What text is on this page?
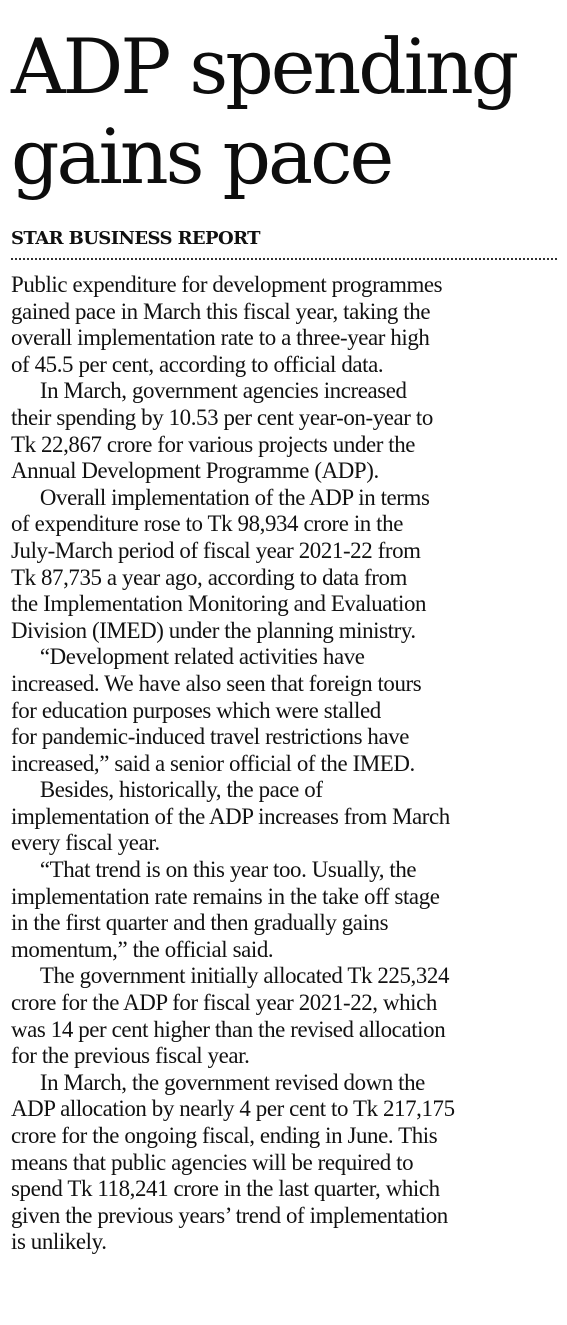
ADP spending
gains pace
STAR BUSINESS REPORT

Public expenditure for development programmes
gained pace in March this fiscal year, taking the
overall implementation rate to a three-year high
of 45.5 per cent, according to official data.

In March, government agencies increased
their spending by 10.53 per cent year-on-year to
Tk 22,867 crore for various projects under the
Annual Development Programme (ADP).

Overall implementation of the ADP in terms
of expenditure rose to Tk 98,934 crore in the
July-March period of fiscal year 2021-22 from
Tk 87,735 a year ago, according to data from
the Implementation Monitoring and Evaluation
Division (IMED) under the planning ministry.

“Development related activities have
increased. We have also seen that foreign tours
for education purposes which were stalled
for pandemic-induced travel restrictions have
increased,” said a senior official of the IMED.

Besides, historically, the pace of
implementation of the ADP increases from March
every fiscal year.

“That trend is on this year too. Usually, the
implementation rate remains in the take off stage
in the first quarter and then gradually gains
momentum,” the official said.

The government initially allocated Tk 225,324
crore for the ADP for fiscal year 2021-22, which
was 14 per cent higher than the revised allocation
for the previous fiscal year.

In March, the government revised down the
ADP allocation by nearly 4 per cent to Tk 217,175
crore for the ongoing fiscal, ending in June. This
means that public agencies will be required to
spend Tk 118,241 crore in the last quarter, which
given the previous years’ trend of implementation
is unlikely.
